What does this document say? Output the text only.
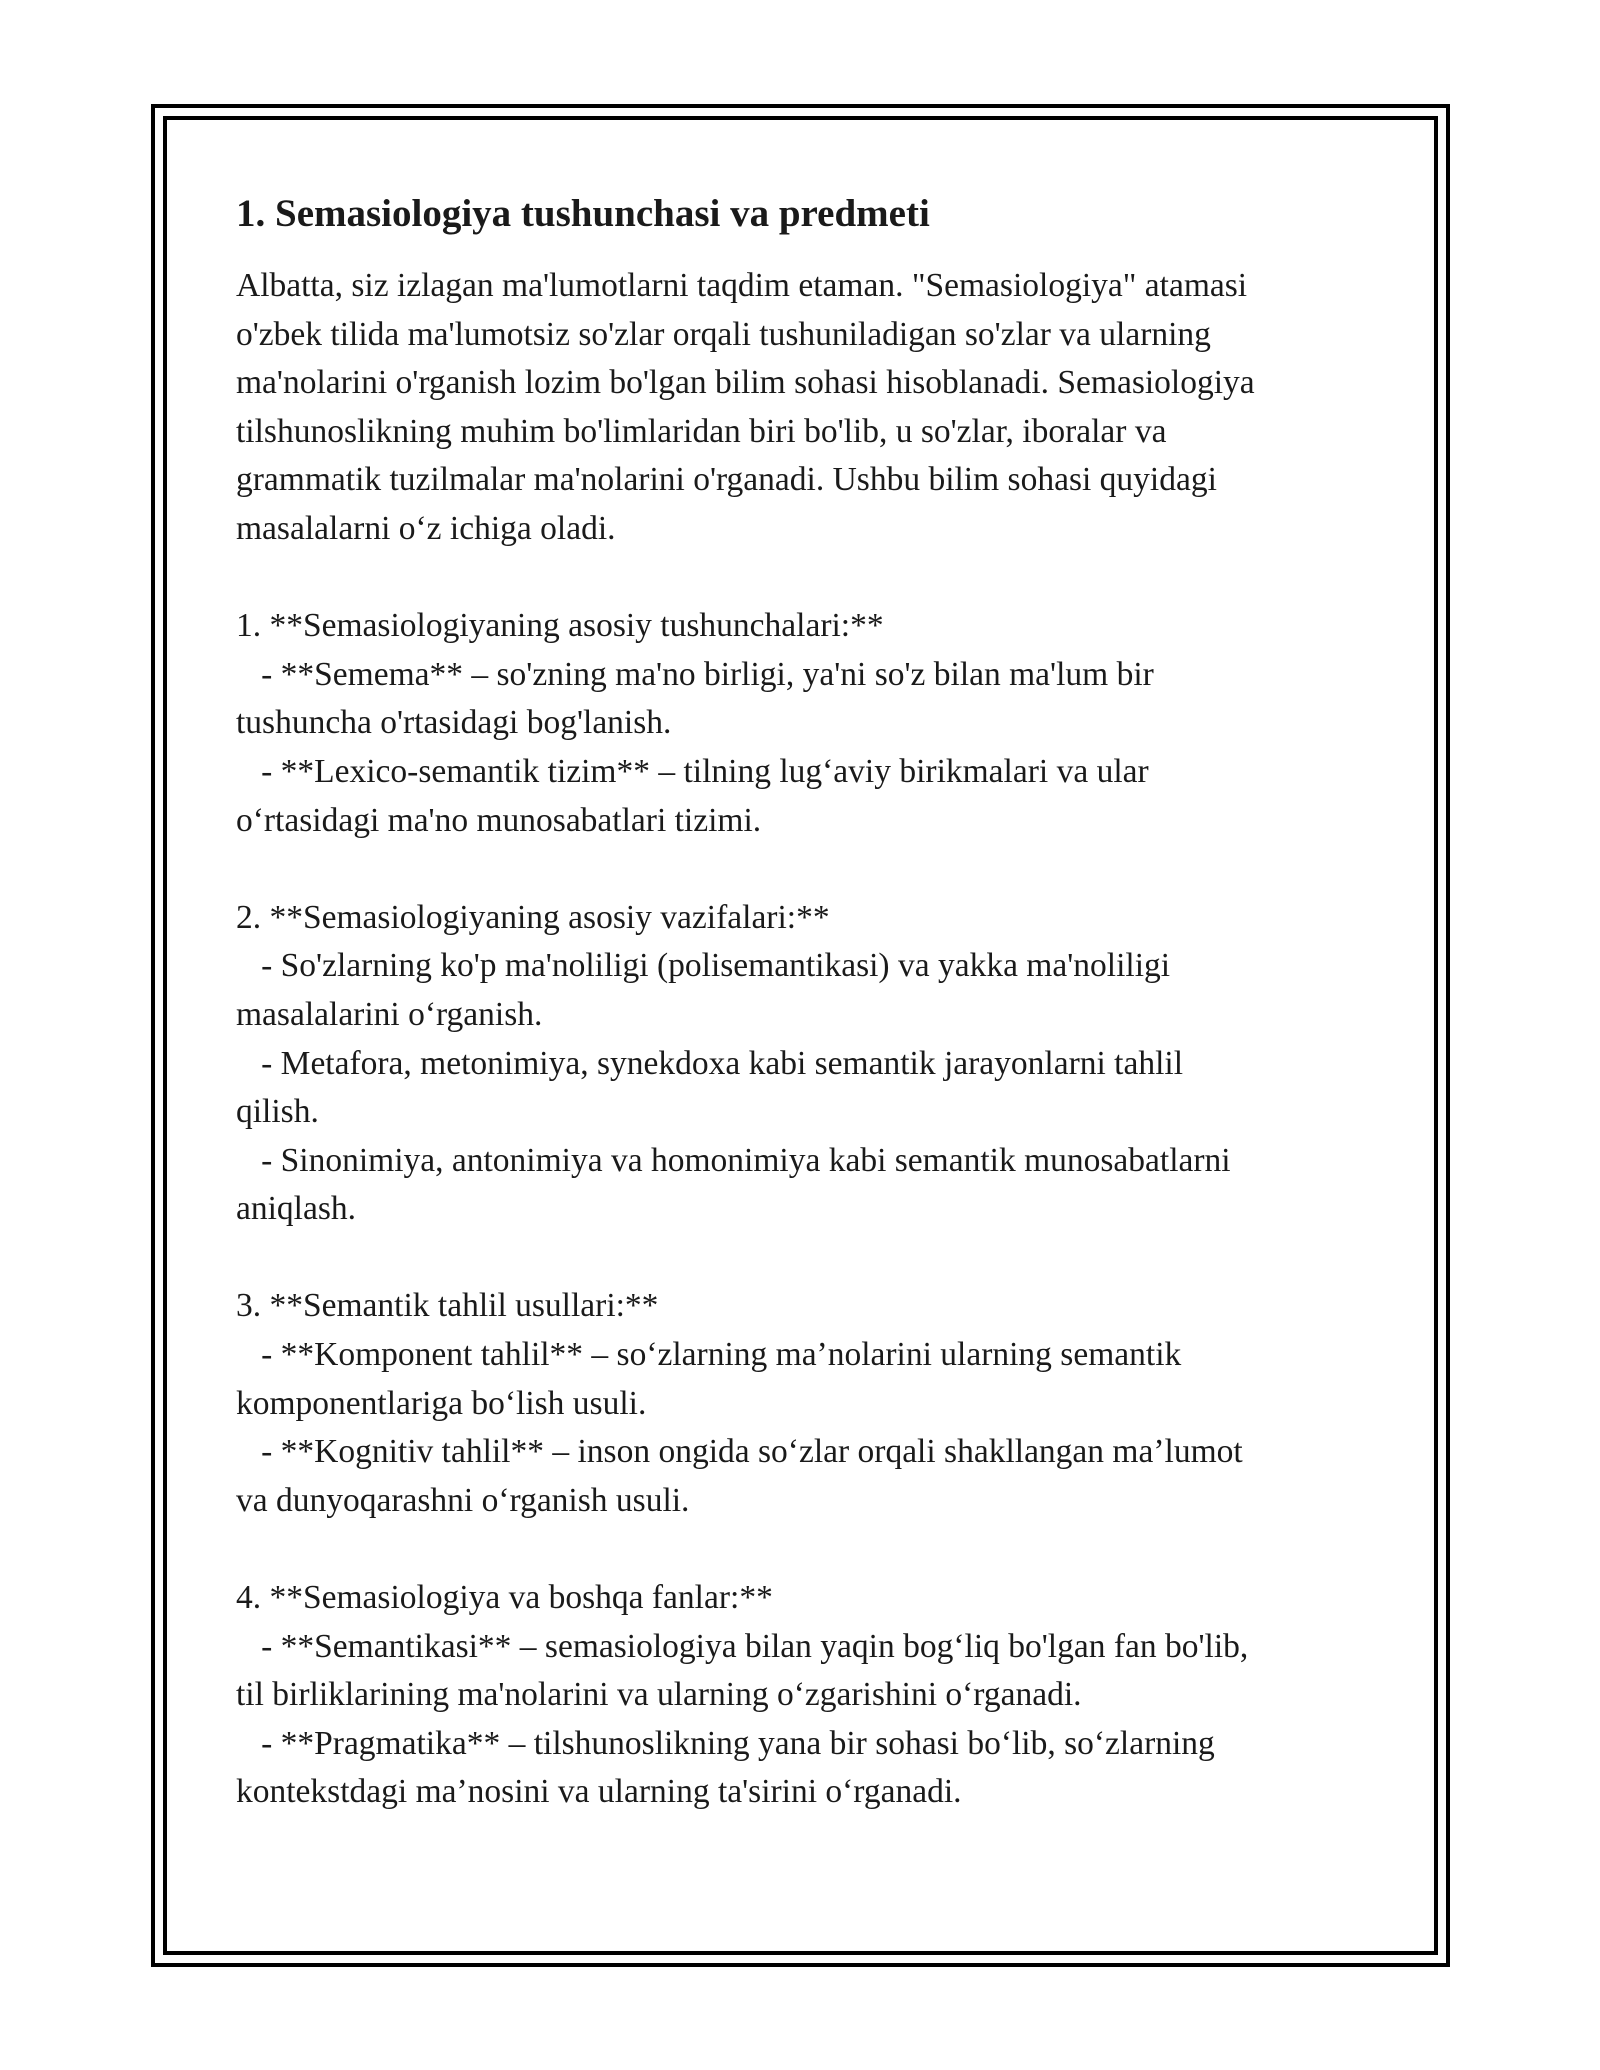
1. Semasiologiya tushunchasi va predmeti
Albatta, siz izlagan ma'lumotlarni taqdim etaman. "Semasiologiya" atamasi
o'zbek tilida ma'lumotsiz so'zlar orqali tushuniladigan so'zlar va ularning
ma'nolarini o'rganish lozim bo'lgan bilim sohasi hisoblanadi. Semasiologiya
tilshunoslikning muhim bo'limlaridan biri bo'lib, u so'zlar, iboralar va
grammatik tuzilmalar ma'nolarini o'rganadi. Ushbu bilim sohasi quyidagi
masalalarni o‘z ichiga oladi.
1. **Semasiologiyaning asosiy tushunchalari:**
- **Semema** – so'zning ma'no birligi, ya'ni so'z bilan ma'lum bir
tushuncha o'rtasidagi bog'lanish.
- **Lexico-semantik tizim** – tilning lug‘aviy birikmalari va ular
o‘rtasidagi ma'no munosabatlari tizimi.
2. **Semasiologiyaning asosiy vazifalari:**
- So'zlarning ko'p ma'noliligi (polisemantikasi) va yakka ma'noliligi
masalalarini o‘rganish.
- Metafora, metonimiya, synekdoxa kabi semantik jarayonlarni tahlil
qilish.
- Sinonimiya, antonimiya va homonimiya kabi semantik munosabatlarni
aniqlash.
3. **Semantik tahlil usullari:**
- **Komponent tahlil** – so‘zlarning ma’nolarini ularning semantik
komponentlariga bo‘lish usuli.
- **Kognitiv tahlil** – inson ongida so‘zlar orqali shakllangan ma’lumot
va dunyoqarashni o‘rganish usuli.
4. **Semasiologiya va boshqa fanlar:**
- **Semantikasi** – semasiologiya bilan yaqin bog‘liq bo'lgan fan bo'lib,
til birliklarining ma'nolarini va ularning o‘zgarishini o‘rganadi.
- **Pragmatika** – tilshunoslikning yana bir sohasi bo‘lib, so‘zlarning
kontekstdagi ma’nosini va ularning ta'sirini o‘rganadi.
